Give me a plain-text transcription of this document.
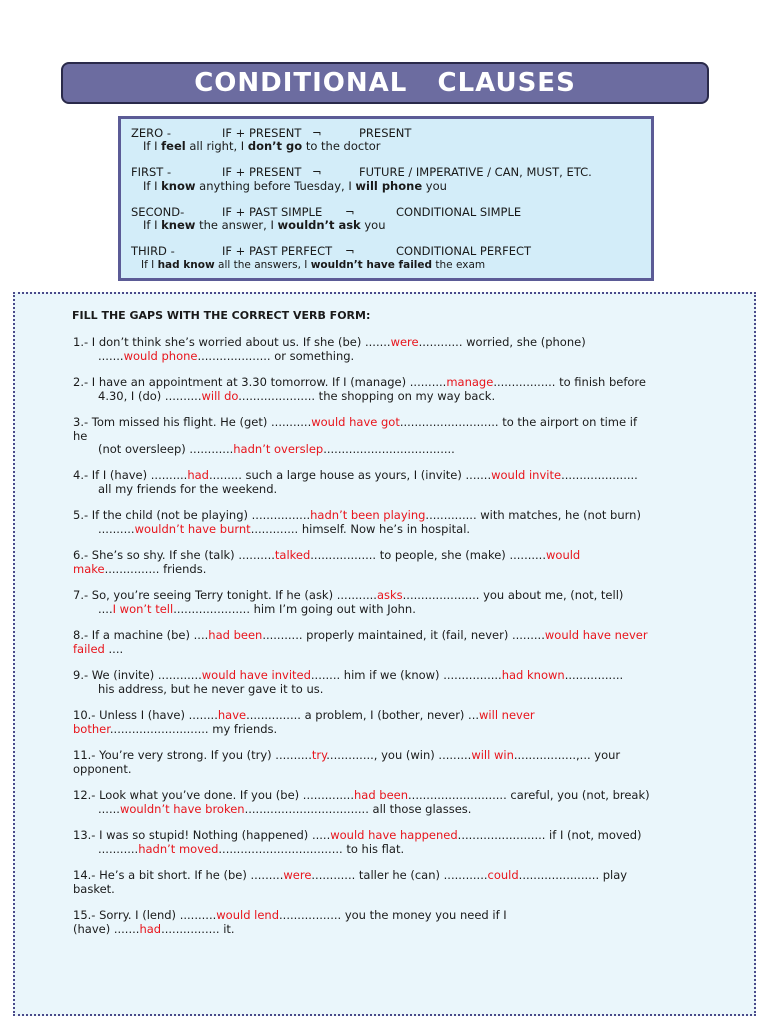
CONDITIONAL   CLAUSES
ZERO -	IF + PRESENT ¬	PRESENT
If I feel all right, I don’t go to the doctor
FIRST -	IF + PRESENT ¬	FUTURE / IMPERATIVE / CAN, MUST, ETC.
If I know anything before Tuesday, I will phone you
SECOND-	IF + PAST SIMPLE ¬	CONDITIONAL SIMPLE
If I knew the answer, I wouldn’t ask you
THIRD -	IF + PAST PERFECT ¬	CONDITIONAL PERFECT
If I had know all the answers, I wouldn’t have failed the exam
FILL THE GAPS WITH THE CORRECT VERB FORM:
1.- I don’t think she’s worried about us. If she (be) .......were............ worried, she (phone)
.......would phone.................... or something.
2.- I have an appointment at 3.30 tomorrow. If I (manage) ..........manage................. to finish before
4.30, I (do) ..........will do..................... the shopping on my way back.
3.- Tom missed his flight. He (get) ...........would have got........................... to the airport on time if
he
(not oversleep) ............hadn’t overslep....................................
4.- If I (have) ..........had......... such a large house as yours, I (invite) .......would invite.....................
all my friends for the weekend.
5.- If the child (not be playing) ................hadn’t been playing.............. with matches, he (not burn)
..........wouldn’t have burnt............. himself. Now he’s in hospital.
6.- She’s so shy. If she (talk) ..........talked.................. to people, she (make) ..........would
make............... friends.
7.- So, you’re seeing Terry tonight. If he (ask) ...........asks..................... you about me, (not, tell)
....I won’t tell..................... him I’m going out with John.
8.- If a machine (be) ....had been........... properly maintained, it (fail, never) .........would have never
failed ....
9.- We (invite) ............would have invited........ him if we (know) ................had known................
his address, but he never gave it to us.
10.- Unless I (have) ........have............... a problem, I (bother, never) ...will never
bother........................... my friends.
11.- You’re very strong. If you (try) ..........try............., you (win) .........will win.................,... your
opponent.
12.- Look what you’ve done. If you (be) ..............had been........................... careful, you (not, break)
......wouldn’t have broken.................................. all those glasses.
13.- I was so stupid! Nothing (happened) .....would have happened........................ if I (not, moved)
...........hadn’t moved.................................. to his flat.
14.- He’s a bit short. If he (be) .........were............ taller he (can) ............could...................... play
basket.
15.- Sorry. I (lend) ..........would lend................. you the money you need if I
(have) .......had................ it.
